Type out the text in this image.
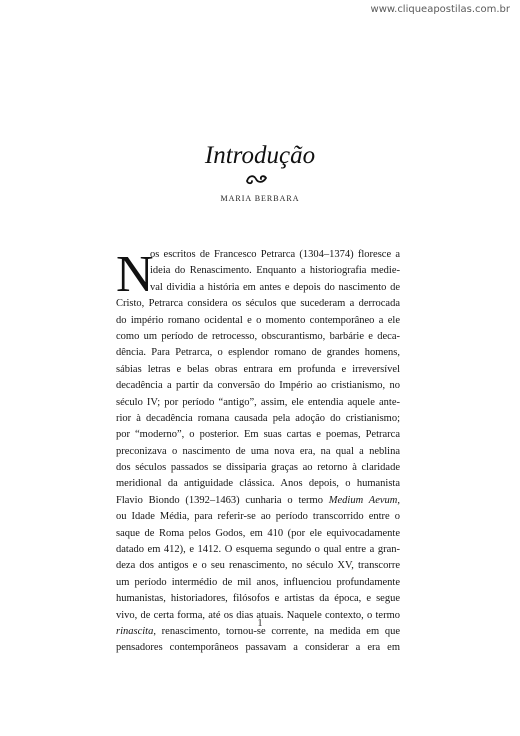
www.cliqueapostilas.com.br
Introdução
MARIA BERBARA
N
os escritos de Francesco Petrarca (1304–1374) floresce a
ideia do Renascimento. Enquanto a historiografia medie-
val dividia a história em antes e depois do nascimento de
Cristo, Petrarca considera os séculos que sucederam a derrocada
do império romano ocidental e o momento contemporâneo a ele
como um período de retrocesso, obscurantismo, barbárie e deca-
dência. Para Petrarca, o esplendor romano de grandes homens,
sábias letras e belas obras entrara em profunda e irreversível
decadência a partir da conversão do Império ao cristianismo, no
século IV; por período “antigo”, assim, ele entendia aquele ante-
rior à decadência romana causada pela adoção do cristianismo;
por “moderno”, o posterior. Em suas cartas e poemas, Petrarca
preconizava o nascimento de uma nova era, na qual a neblina
dos séculos passados se dissiparia graças ao retorno à claridade
meridional da antiguidade clássica. Anos depois, o humanista
Flavio Biondo (1392–1463) cunharia o termo Medium Aevum,
ou Idade Média, para referir-se ao período transcorrido entre o
saque de Roma pelos Godos, em 410 (por ele equivocadamente
datado em 412), e 1412. O esquema segundo o qual entre a gran-
deza dos antigos e o seu renascimento, no século XV, transcorre
um período intermédio de mil anos, influenciou profundamente
humanistas, historiadores, filósofos e artistas da época, e segue
vivo, de certa forma, até os dias atuais. Naquele contexto, o termo
rinascita, renascimento, tornou-se corrente, na medida em que
pensadores contemporâneos passavam a considerar a era em
1
